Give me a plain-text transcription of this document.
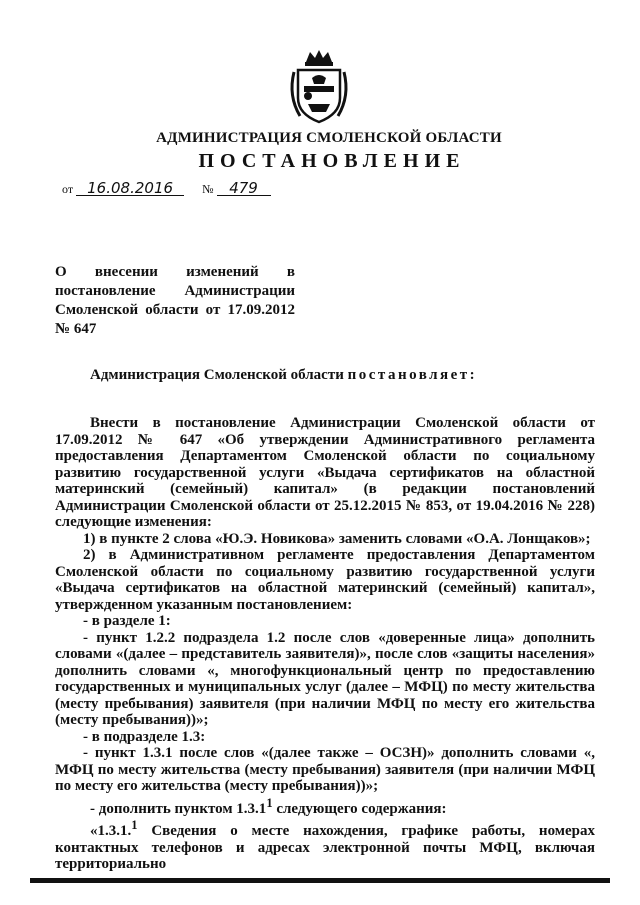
АДМИНИСТРАЦИЯ СМОЛЕНСКОЙ ОБЛАСТИ
ПОСТАНОВЛЕНИЕ
от 16.08.2016 № 479
О внесении изменений в
постановление Администрации
Смоленской области от 17.09.2012
№ 647
Администрация Смоленской области постановляет:

Внести в постановление Администрации Смоленской области от 17.09.2012 № 647 «Об утверждении Административного регламента предоставления Департаментом Смоленской области по социальному развитию государственной услуги «Выдача сертификатов на областной материнский (семейный) капитал» (в редакции постановлений Администрации Смоленской области от 25.12.2015 № 853, от 19.04.2016 № 228) следующие изменения:

1) в пункте 2 слова «Ю.Э. Новикова» заменить словами «О.А. Лонщаков»;

2) в Административном регламенте предоставления Департаментом Смоленской области по социальному развитию государственной услуги «Выдача сертификатов на областной материнский (семейный) капитал», утвержденном указанным постановлением:

- в разделе 1:

- пункт 1.2.2 подраздела 1.2 после слов «доверенные лица» дополнить словами «(далее – представитель заявителя)», после слов «защиты населения» дополнить словами «, многофункциональный центр по предоставлению государственных и муниципальных услуг (далее – МФЦ) по месту жительства (месту пребывания) заявителя (при наличии МФЦ по месту его жительства (месту пребывания))»;

- в подразделе 1.3:

- пункт 1.3.1 после слов «(далее также – ОСЗН)» дополнить словами «, МФЦ по месту жительства (месту пребывания) заявителя (при наличии МФЦ по месту его жительства (месту пребывания))»;

- дополнить пунктом 1.3.1$^1$ следующего содержания:

«1.3.1.$^1$ Сведения о месте нахождения, графике работы, номерах контактных телефонов и адресах электронной почты МФЦ, включая территориально
